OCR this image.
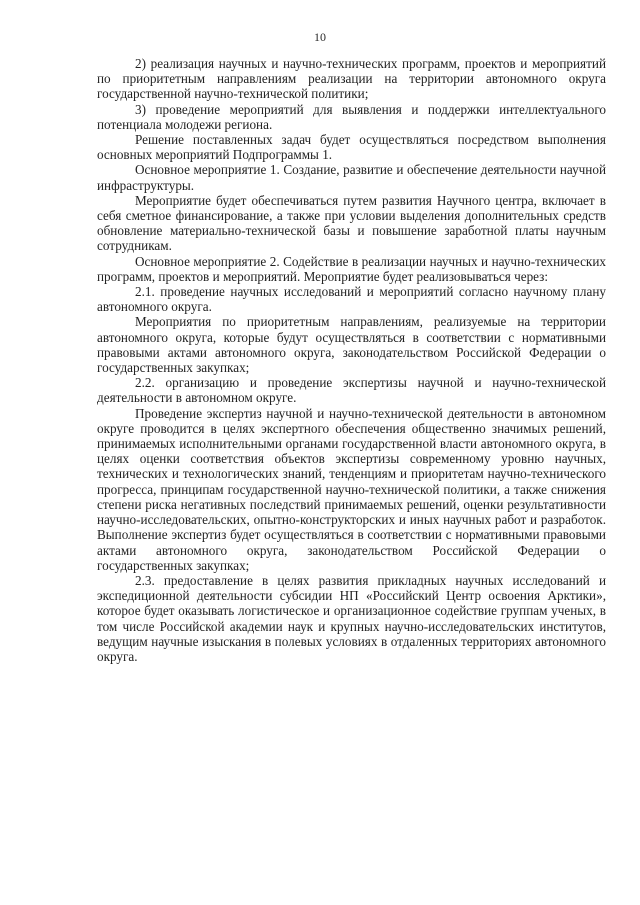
10

2) реализация научных и научно-технических программ, проектов и мероприятий по приоритетным направлениям реализации на территории автономного округа государственной научно-технической политики;

3) проведение мероприятий для выявления и поддержки интеллектуального потенциала молодежи региона.

Решение поставленных задач будет осуществляться посредством выполнения основных мероприятий Подпрограммы 1.

Основное мероприятие 1. Создание, развитие и обеспечение деятельности научной инфраструктуры.

Мероприятие будет обеспечиваться путем развития Научного центра, включает в себя сметное финансирование, а также при условии выделения дополнительных средств обновление материально-технической базы и повышение заработной платы научным сотрудникам.

Основное мероприятие 2. Содействие в реализации научных и научно-технических программ, проектов и мероприятий. Мероприятие будет реализовываться через:

2.1. проведение научных исследований и мероприятий согласно научному плану автономного округа.

Мероприятия по приоритетным направлениям, реализуемые на территории автономного округа, которые будут осуществляться в соответствии с нормативными правовыми актами автономного округа, законодательством Российской Федерации о государственных закупках;

2.2. организацию и проведение экспертизы научной и научно-технической деятельности в автономном округе.

Проведение экспертиз научной и научно-технической деятельности в автономном округе проводится в целях экспертного обеспечения общественно значимых решений, принимаемых исполнительными органами государственной власти автономного округа, в целях оценки соответствия объектов экспертизы современному уровню научных, технических и технологических знаний, тенденциям и приоритетам научно-технического прогресса, принципам государственной научно-технической политики, а также снижения степени риска негативных последствий принимаемых решений, оценки результативности научно-исследовательских, опытно-конструкторских и иных научных работ и разработок. Выполнение экспертиз будет осуществляться в соответствии с нормативными правовыми актами автономного округа, законодательством Российской Федерации о государственных закупках;

2.3. предоставление в целях развития прикладных научных исследований и экспедиционной деятельности субсидии НП «Российский Центр освоения Арктики», которое будет оказывать логистическое и организационное содействие группам ученых, в том числе Российской академии наук и крупных научно-исследовательских институтов, ведущим научные изыскания в полевых условиях в отдаленных территориях автономного округа.
